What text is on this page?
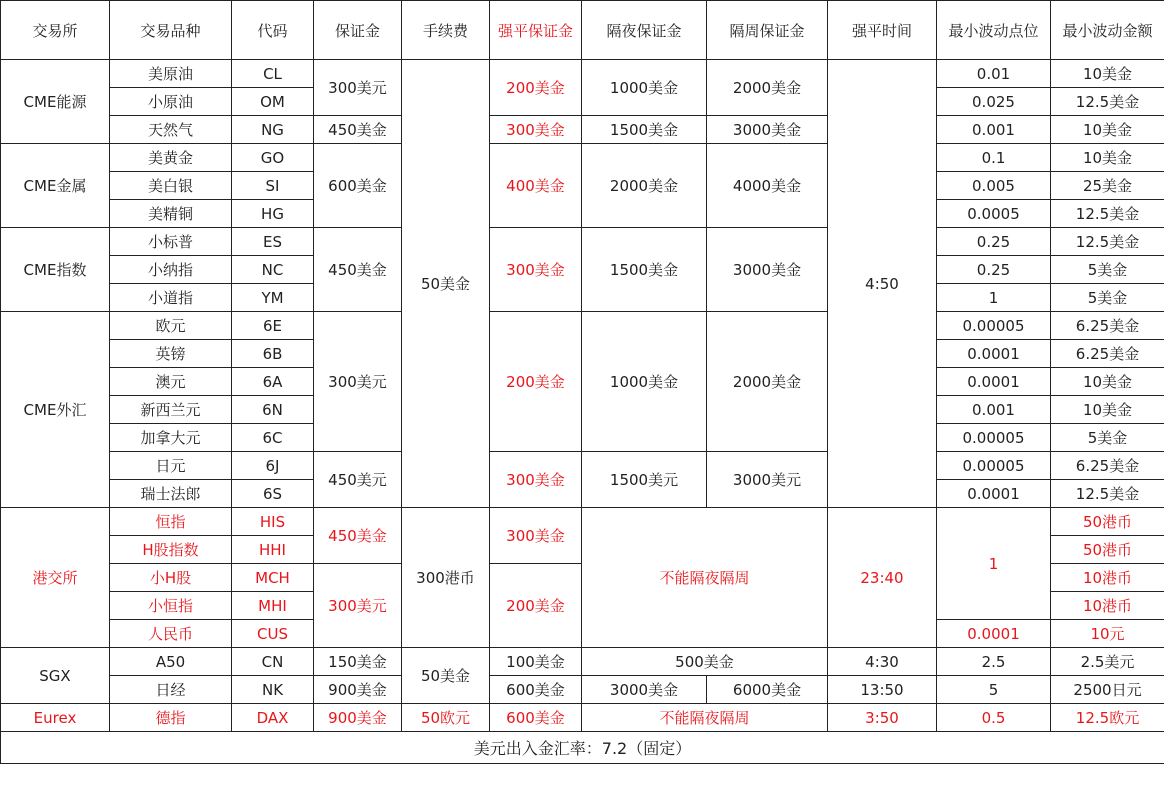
交易所	交易品种	代码	保证金	手续费	强平保证金	隔夜保证金	隔周保证金	强平时间	最小波动点位	最小波动金额
CME能源	美原油	CL	300美元	50美金	200美金	1000美金	2000美金	4:50	0.01	10美金
	小原油	OM							0.025	12.5美金
	天然气	NG	450美金		300美金	1500美金	3000美金		0.001	10美金
CME金属	美黄金	GO	600美金		400美金	2000美金	4000美金		0.1	10美金
	美白银	SI							0.005	25美金
	美精铜	HG							0.0005	12.5美金
CME指数	小标普	ES	450美金		300美金	1500美金	3000美金		0.25	12.5美金
	小纳指	NC							0.25	5美金
	小道指	YM							1	5美金
CME外汇	欧元	6E	300美元		200美金	1000美金	2000美金		0.00005	6.25美金
	英镑	6B							0.0001	6.25美金
	澳元	6A							0.0001	10美金
	新西兰元	6N							0.001	10美金
	加拿大元	6C							0.00005	5美金
	日元	6J	450美元		300美金	1500美元	3000美元		0.00005	6.25美金
	瑞士法郎	6S							0.0001	12.5美金
港交所	恒指	HIS	450美金	300港币	300美金	不能隔夜隔周		23:40	1	50港币
	H股指数	HHI								50港币
	小H股	MCH	300美元		200美金					10港币
	小恒指	MHI								10港币
	人民币	CUS							0.0001	10元
SGX	A50	CN	150美金	50美金	100美金	500美金		4:30	2.5	2.5美元
	日经	NK	900美金		600美金	3000美金	6000美金	13:50	5	2500日元
Eurex	德指	DAX	900美金	50欧元	600美金	不能隔夜隔周		3:50	0.5	12.5欧元
美元出入金汇率：7.2（固定）										
